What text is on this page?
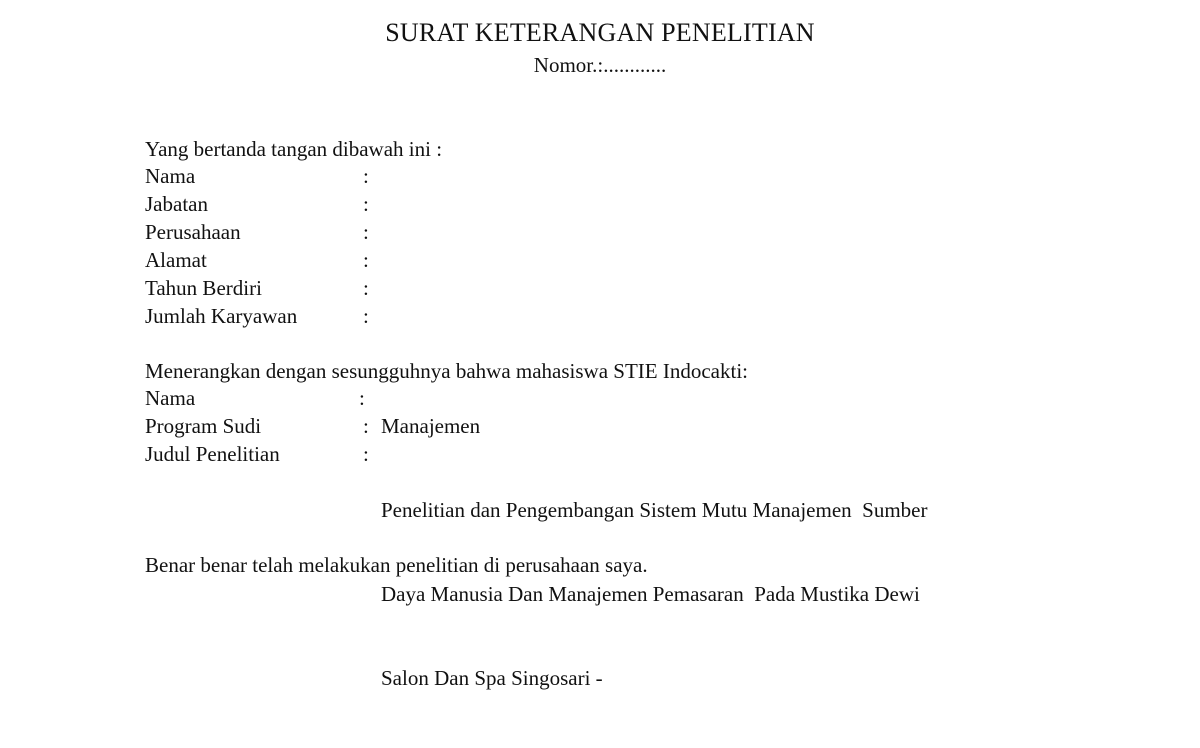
SURAT KETERANGAN PENELITIAN
Nomor.:............
Yang bertanda tangan dibawah ini :
Nama	:
Jabatan	:
Perusahaan	:
Alamat	:
Tahun Berdiri	:
Jumlah Karyawan	:
Menerangkan dengan sesungguhnya bahwa mahasiswa STIE Indocakti:
Nama	:
Program Sudi	: Manajemen
Judul Penelitian	:

Penelitian dan Pengembangan Sistem Mutu Manajemen  Sumber

Daya Manusia Dan Manajemen Pemasaran  Pada Mustika Dewi

Salon Dan Spa Singosari -

Benar benar telah melakukan penelitian di perusahaan saya.
